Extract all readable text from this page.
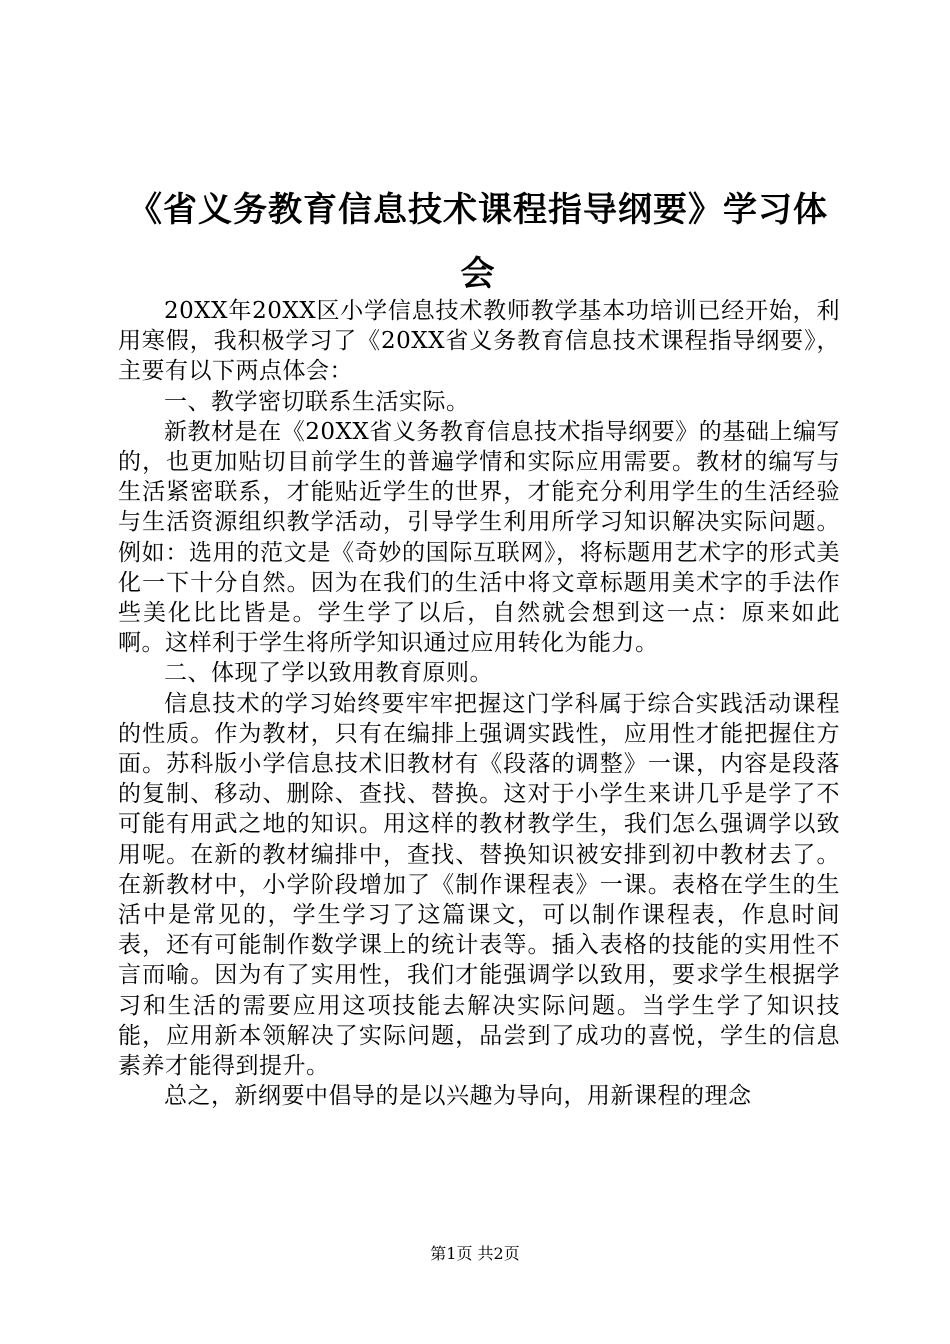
《省义务教育信息技术课程指导纲要》学习体会

20XX年20XX区小学信息技术教师教学基本功培训已经开始，利用寒假，我积极学习了《20XX省义务教育信息技术课程指导纲要》，主要有以下两点体会：

一、教学密切联系生活实际。

新教材是在《20XX省义务教育信息技术指导纲要》的基础上编写的，也更加贴切目前学生的普遍学情和实际应用需要。教材的编写与生活紧密联系，才能贴近学生的世界，才能充分利用学生的生活经验与生活资源组织教学活动，引导学生利用所学习知识解决实际问题。例如：选用的范文是《奇妙的国际互联网》，将标题用艺术字的形式美化一下十分自然。因为在我们的生活中将文章标题用美术字的手法作些美化比比皆是。学生学了以后，自然就会想到这一点：原来如此啊。这样利于学生将所学知识通过应用转化为能力。

二、体现了学以致用教育原则。

信息技术的学习始终要牢牢把握这门学科属于综合实践活动课程的性质。作为教材，只有在编排上强调实践性，应用性才能把握住方面。苏科版小学信息技术旧教材有《段落的调整》一课，内容是段落的复制、移动、删除、查找、替换。这对于小学生来讲几乎是学了不可能有用武之地的知识。用这样的教材教学生，我们怎么强调学以致用呢。在新的教材编排中，查找、替换知识被安排到初中教材去了。在新教材中，小学阶段增加了《制作课程表》一课。表格在学生的生活中是常见的，学生学习了这篇课文，可以制作课程表，作息时间表，还有可能制作数学课上的统计表等。插入表格的技能的实用性不言而喻。因为有了实用性，我们才能强调学以致用，要求学生根据学习和生活的需要应用这项技能去解决实际问题。当学生学了知识技能，应用新本领解决了实际问题，品尝到了成功的喜悦，学生的信息素养才能得到提升。

总之，新纲要中倡导的是以兴趣为导向，用新课程的理念

第1页 共2页
